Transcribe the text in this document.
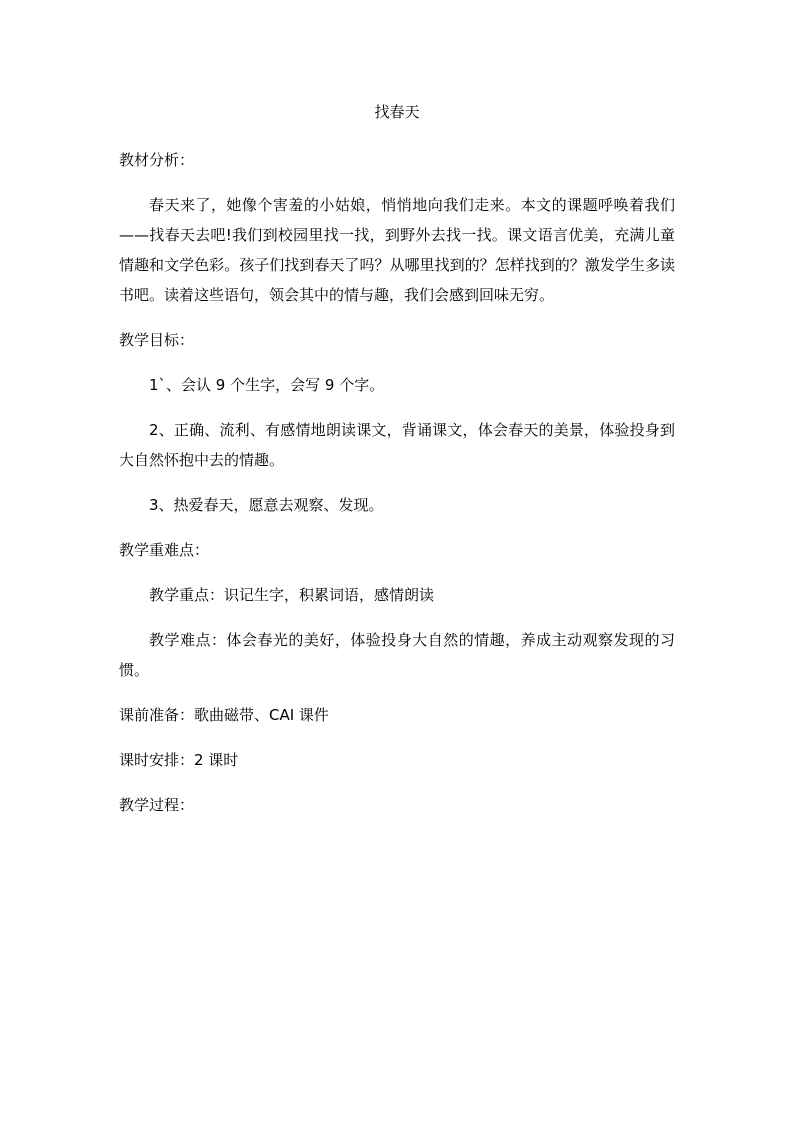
找春天

教材分析：

春天来了，她像个害羞的小姑娘，悄悄地向我们走来。本文的课题呼唤着我们——找春天去吧!我们到校园里找一找，到野外去找一找。课文语言优美，充满儿童情趣和文学色彩。孩子们找到春天了吗？从哪里找到的？怎样找到的？激发学生多读书吧。读着这些语句，领会其中的情与趣，我们会感到回味无穷。

教学目标：

1`、会认 9 个生字，会写 9 个字。

2、正确、流利、有感情地朗读课文，背诵课文，体会春天的美景，体验投身到大自然怀抱中去的情趣。

3、热爱春天，愿意去观察、发现。

教学重难点：

教学重点：识记生字，积累词语，感情朗读

教学难点：体会春光的美好，体验投身大自然的情趣，养成主动观察发现的习惯。

课前准备：歌曲磁带、CAI 课件

课时安排：2 课时

教学过程：
